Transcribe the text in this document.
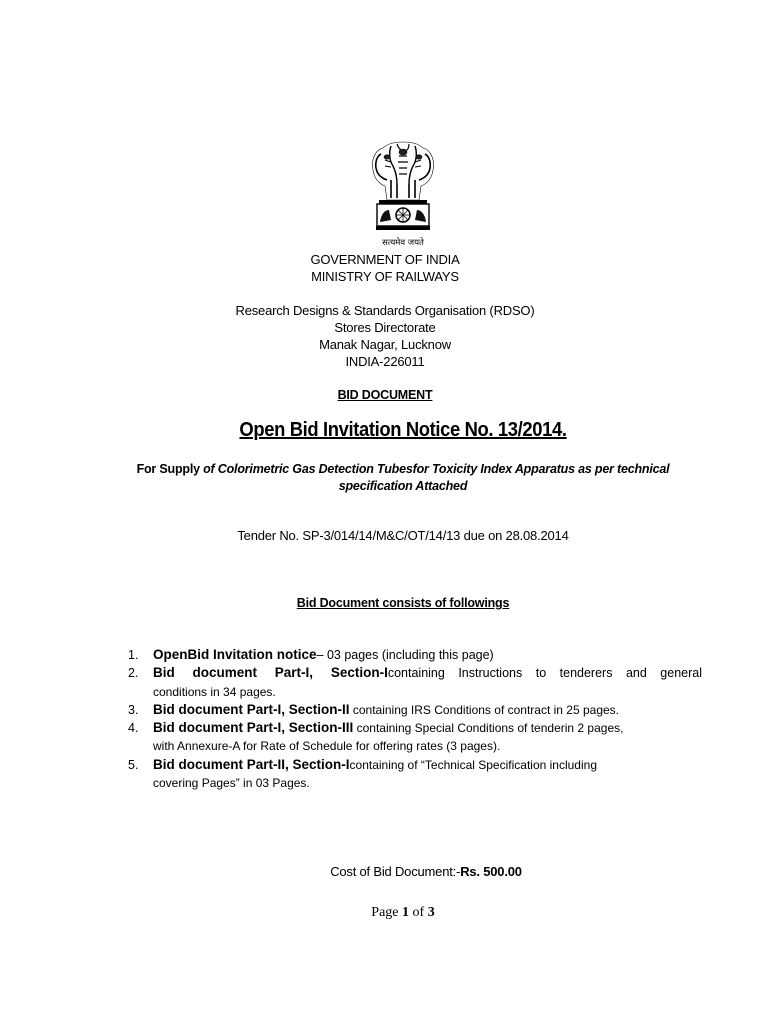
सत्यमेव जयते
GOVERNMENT OF INDIA
MINISTRY OF RAILWAYS
Research Designs & Standards Organisation (RDSO)
Stores Directorate
Manak Nagar, Lucknow
INDIA-226011
BID DOCUMENT
Open Bid Invitation Notice No. 13/2014.
For Supply of Colorimetric Gas Detection Tubesfor Toxicity Index Apparatus as per technical
specification Attached
Tender No. SP-3/014/14/M&C/OT/14/13 due on 28.08.2014
Bid Document consists of followings
1. OpenBid Invitation notice– 03 pages (including this page)
2. Bid document Part-I, Section-Icontaining Instructions to tenderers and general
conditions in 34 pages.
3. Bid document Part-I, Section-II containing IRS Conditions of contract in 25 pages.
4. Bid document Part-I, Section-III containing Special Conditions of tenderin 2 pages,
with Annexure-A for Rate of Schedule for offering rates (3 pages).
5. Bid document Part-II, Section-Icontaining of “Technical Specification including
covering Pages” in 03 Pages.
Cost of Bid Document:-Rs. 500.00
Page 1 of 3
